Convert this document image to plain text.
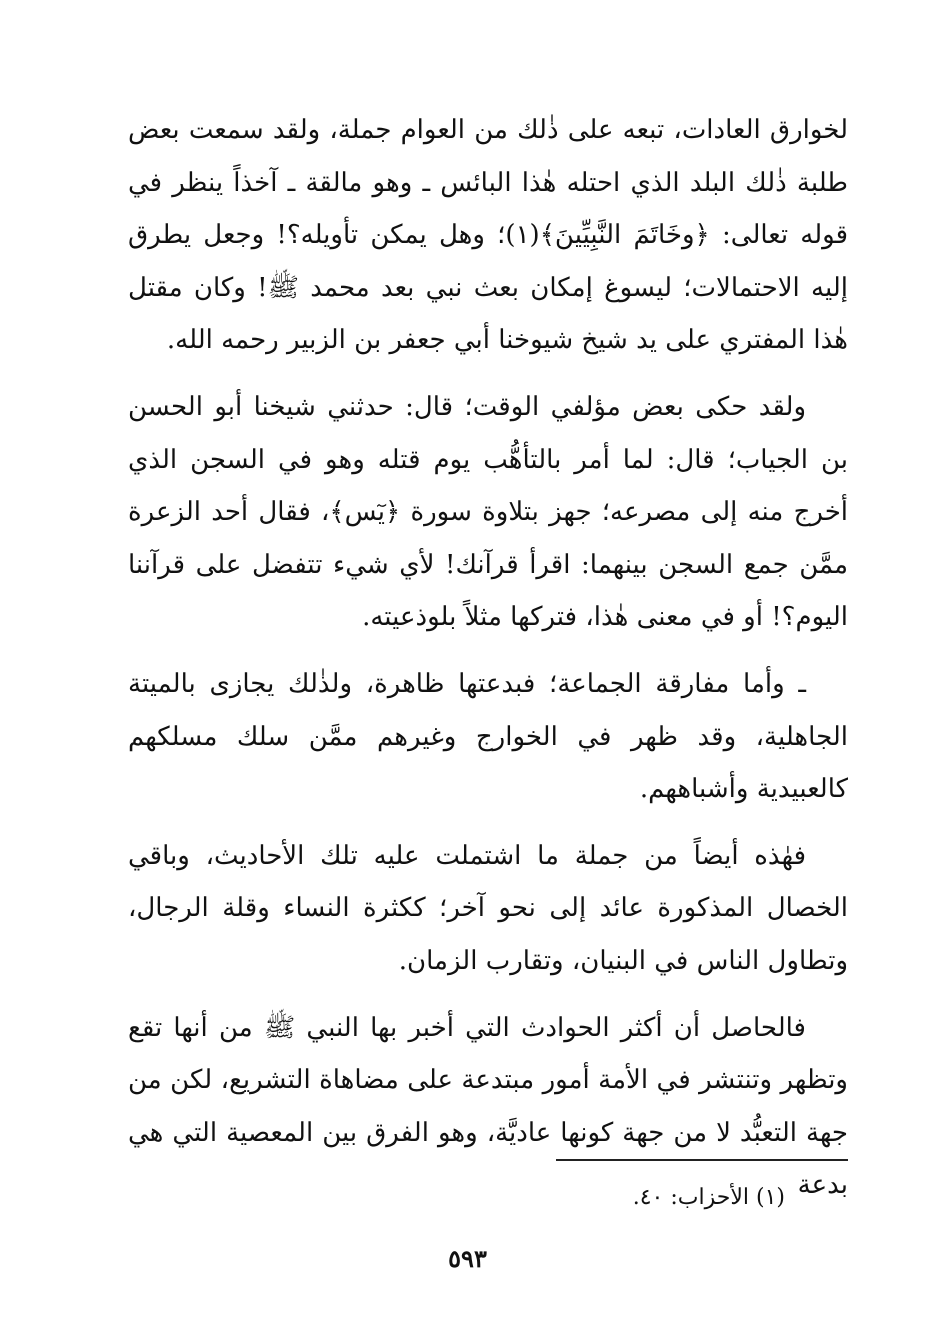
لخوارق العادات، تبعه على ذٰلك من العوام جملة، ولقد سمعت بعض طلبة ذٰلك البلد الذي احتله هٰذا البائس ـ وهو مالقة ـ آخذاً ينظر في قوله تعالى: ﴿وخَاتَمَ النَّبِيِّينَ﴾(١)؛ وهل يمكن تأويله؟! وجعل يطرق إليه الاحتمالات؛ ليسوغ إمكان بعث نبي بعد محمد ﷺ! وكان مقتل هٰذا المفتري على يد شيخ شيوخنا أبي جعفر بن الزبير رحمه الله.

ولقد حكى بعض مؤلفي الوقت؛ قال: حدثني شيخنا أبو الحسن بن الجياب؛ قال: لما أمر بالتأهُّب يوم قتله وهو في السجن الذي أخرج منه إلى مصرعه؛ جهز بتلاوة سورة ﴿يٓس﴾، فقال أحد الزعرة ممَّن جمع السجن بينهما: اقرأ قرآنك! لأي شيء تتفضل على قرآننا اليوم؟! أو في معنى هٰذا، فتركها مثلاً بلوذعيته.

ـ وأما مفارقة الجماعة؛ فبدعتها ظاهرة، ولذٰلك يجازى بالميتة الجاهلية، وقد ظهر في الخوارج وغيرهم ممَّن سلك مسلكهم كالعبيدية وأشباههم.

فهٰذه أيضاً من جملة ما اشتملت عليه تلك الأحاديث، وباقي الخصال المذكورة عائد إلى نحو آخر؛ ككثرة النساء وقلة الرجال، وتطاول الناس في البنيان، وتقارب الزمان.

فالحاصل أن أكثر الحوادث التي أخبر بها النبي ﷺ من أنها تقع وتظهر وتنتشر في الأمة أمور مبتدعة على مضاهاة التشريع، لكن من جهة التعبُّد لا من جهة كونها عاديَّة، وهو الفرق بين المعصية التي هي بدعة

(١) الأحزاب: ٤٠.
٥٩٣
